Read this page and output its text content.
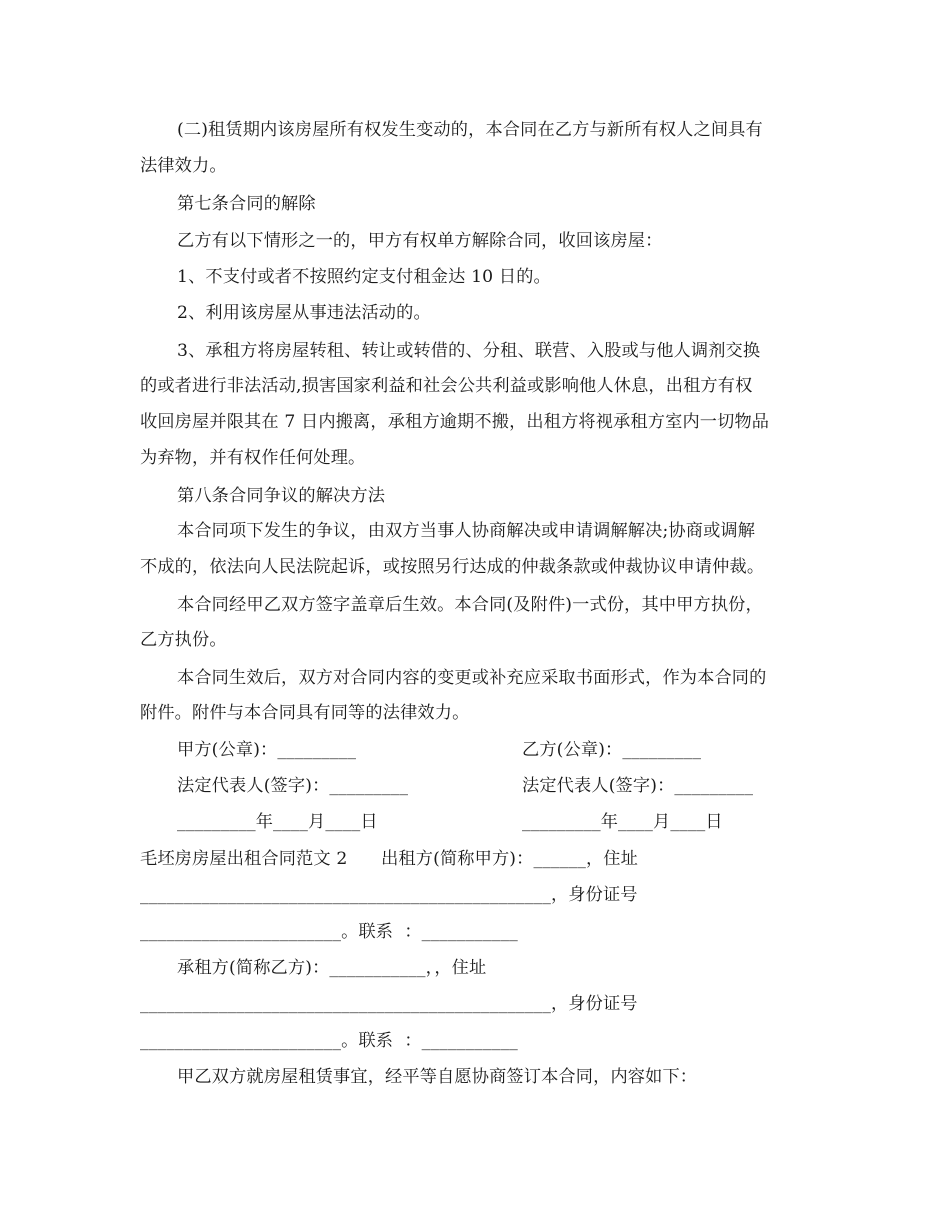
(二)租赁期内该房屋所有权发生变动的，本合同在乙方与新所有权人之间具有
法律效力。
第七条合同的解除
乙方有以下情形之一的，甲方有权单方解除合同，收回该房屋：
1、不支付或者不按照约定支付租金达 10 日的。
2、利用该房屋从事违法活动的。
3、承租方将房屋转租、转让或转借的、分租、联营、入股或与他人调剂交换
的或者进行非法活动,损害国家利益和社会公共利益或影响他人休息，出租方有权
收回房屋并限其在 7 日内搬离，承租方逾期不搬，出租方将视承租方室内一切物品
为弃物，并有权作任何处理。
第八条合同争议的解决方法
本合同项下发生的争议，由双方当事人协商解决或申请调解解决;协商或调解
不成的，依法向人民法院起诉，或按照另行达成的仲裁条款或仲裁协议申请仲裁。
本合同经甲乙双方签字盖章后生效。本合同(及附件)一式份，其中甲方执份，
乙方执份。
本合同生效后，双方对合同内容的变更或补充应采取书面形式，作为本合同的
附件。附件与本合同具有同等的法律效力。
甲方(公章)：_________	乙方(公章)：_________
法定代表人(签字)：_________	法定代表人(签字)：_________
_________年____月____日	_________年____月____日
毛坯房房屋出租合同范文 2      出租方(简称甲方)：______，住址
_______________________________________________，身份证号
_______________________。联系  ：___________
承租方(简称乙方)：___________，，住址
_______________________________________________，身份证号
_______________________。联系  ：___________
甲乙双方就房屋租赁事宜，经平等自愿协商签订本合同，内容如下：
